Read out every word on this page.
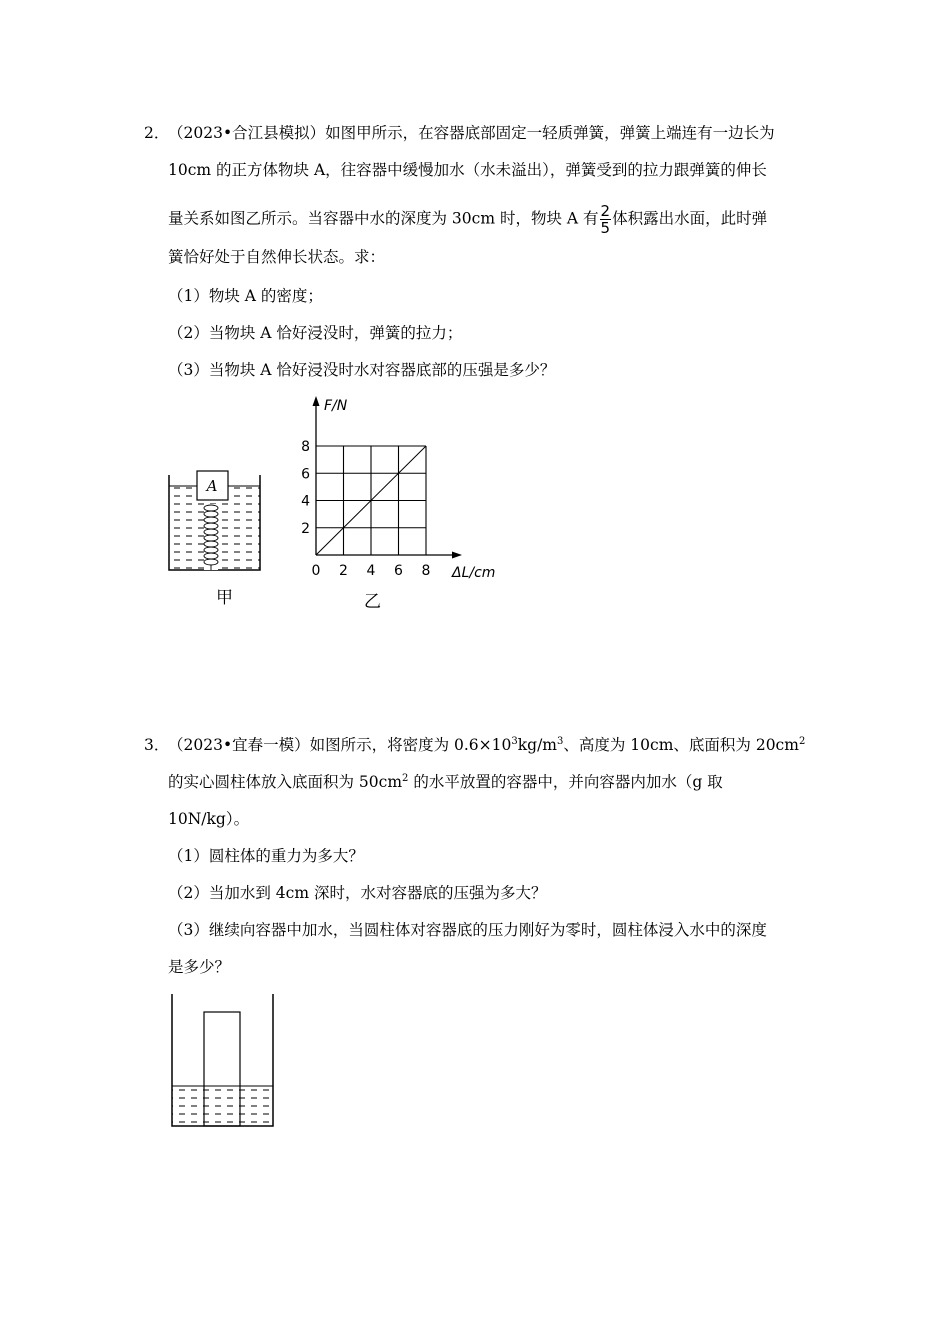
2．
（2023•合江县模拟）如图甲所示，在容器底部固定一轻质弹簧，弹簧上端连有一边长为
10cm 的正方体物块 A，往容器中缓慢加水（水未溢出），弹簧受到的拉力跟弹簧的伸长
量关系如图乙所示。当容器中水的深度为 30cm 时，物块 A 有 $\frac{2}{5}$ 体积露出水面，此时弹
簧恰好处于自然伸长状态。求：
（1）物块 A 的密度；
（2）当物块 A 恰好浸没时，弹簧的拉力；
（3）当物块 A 恰好浸没时水对容器底部的压强是多少？
A
甲
0 2 4 6 8
2
4
6
8
F/N
ΔL/cm
乙
3．
（2023•宜春一模）如图所示，将密度为 $0.6\times 10^3kg/m^3$、高度为 10cm、底面积为 $20cm^2$
的实心圆柱体放入底面积为 $50cm^2$ 的水平放置的容器中，并向容器内加水（g 取
10N/kg）。
（1）圆柱体的重力为多大？
（2）当加水到 4cm 深时，水对容器底的压强为多大？
（3）继续向容器中加水，当圆柱体对容器底的压力刚好为零时，圆柱体浸入水中的深度
是多少？
